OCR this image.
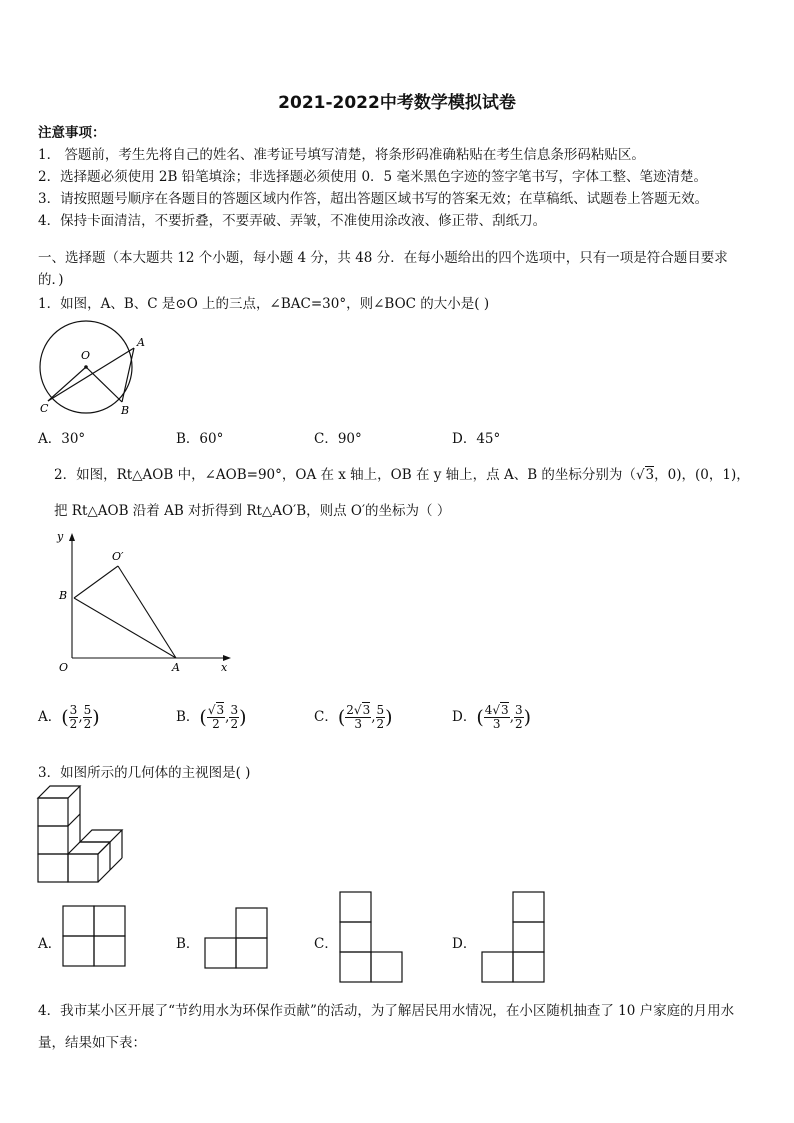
2021-2022中考数学模拟试卷
注意事项：
1． 答题前，考生先将自己的姓名、准考证号填写清楚，将条形码准确粘贴在考生信息条形码粘贴区。
2．选择题必须使用 2B 铅笔填涂；非选择题必须使用 0．5 毫米黑色字迹的签字笔书写，字体工整、笔迹清楚。
3．请按照题号顺序在各题目的答题区域内作答，超出答题区域书写的答案无效；在草稿纸、试题卷上答题无效。
4．保持卡面清洁，不要折叠，不要弄破、弄皱，不准使用涂改液、修正带、刮纸刀。
一、选择题（本大题共 12 个小题，每小题 4 分，共 48 分．在每小题给出的四个选项中，只有一项是符合题目要求
的．)
1．如图，A、B、C 是⊙O 上的三点，∠BAC=30°，则∠BOC 的大小是( )
O
A
B
C
A．30°	B．60°	C．90°	D．45°
2．如图，Rt△AOB 中，∠AOB=90°，OA 在 x 轴上，OB 在 y 轴上，点 A、B 的坐标分别为（√3，0)，(0，1)，
把 Rt△AOB 沿着 AB 对折得到 Rt△AO′B，则点 O′的坐标为（ ）
y
x
O	A
B
O′
A．( $\frac{3}{2}$ , $\frac{5}{2}$ )	B．( $\frac{√3}{2}$ , $\frac{3}{2}$ )	C．( $\frac{2√3}{3}$ , $\frac{5}{2}$ )	D．( $\frac{4√3}{3}$ , $\frac{3}{2}$ )
3．如图所示的几何体的主视图是( )
A．	B．	C．	D．
4．我市某小区开展了“节约用水为环保作贡献”的活动，为了解居民用水情况，在小区随机抽查了 10 户家庭的月用水
量，结果如下表：
